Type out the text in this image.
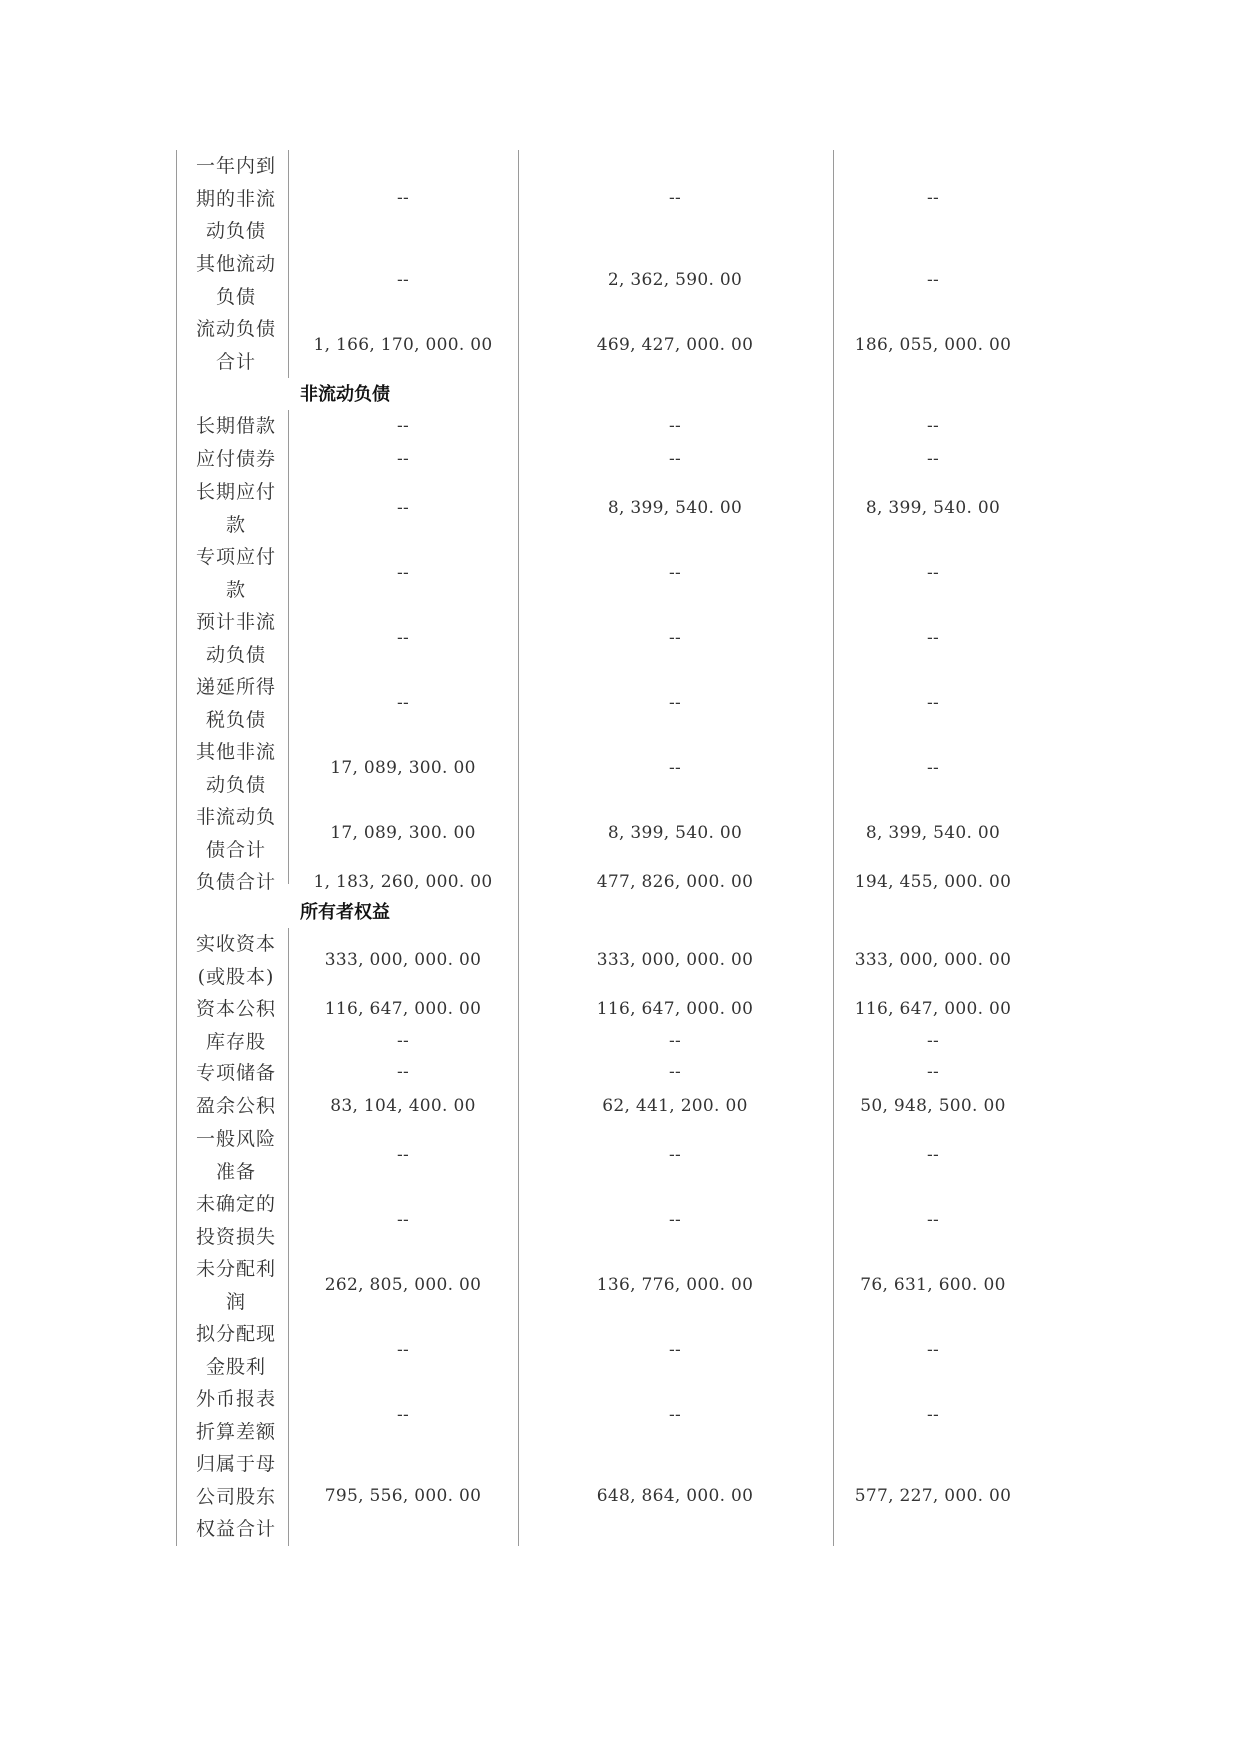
一年内到
期的非流
动负债
--	--	--
其他流动
负债
--	2, 362, 590. 00	--
流动负债
合计
1, 166, 170, 000. 00	469, 427, 000. 00	186, 055, 000. 00
非流动负债
长期借款	--	--	--
应付债券	--	--	--
长期应付
款
--	8, 399, 540. 00	8, 399, 540. 00
专项应付
款
--	--	--
预计非流
动负债
--	--	--
递延所得
税负债
--	--	--
其他非流
动负债
17, 089, 300. 00	--	--
非流动负
债合计
17, 089, 300. 00	8, 399, 540. 00	8, 399, 540. 00
负债合计	1, 183, 260, 000. 00	477, 826, 000. 00	194, 455, 000. 00
所有者权益
实收资本
(或股本)
333, 000, 000. 00	333, 000, 000. 00	333, 000, 000. 00
资本公积	116, 647, 000. 00	116, 647, 000. 00	116, 647, 000. 00
库存股	--	--	--
专项储备	--	--	--
盈余公积	83, 104, 400. 00	62, 441, 200. 00	50, 948, 500. 00
一般风险
准备
--	--	--
未确定的
投资损失
--	--	--
未分配利
润
262, 805, 000. 00	136, 776, 000. 00	76, 631, 600. 00
拟分配现
金股利
--	--	--
外币报表
折算差额
--	--	--
归属于母
公司股东
权益合计
795, 556, 000. 00	648, 864, 000. 00	577, 227, 000. 00
